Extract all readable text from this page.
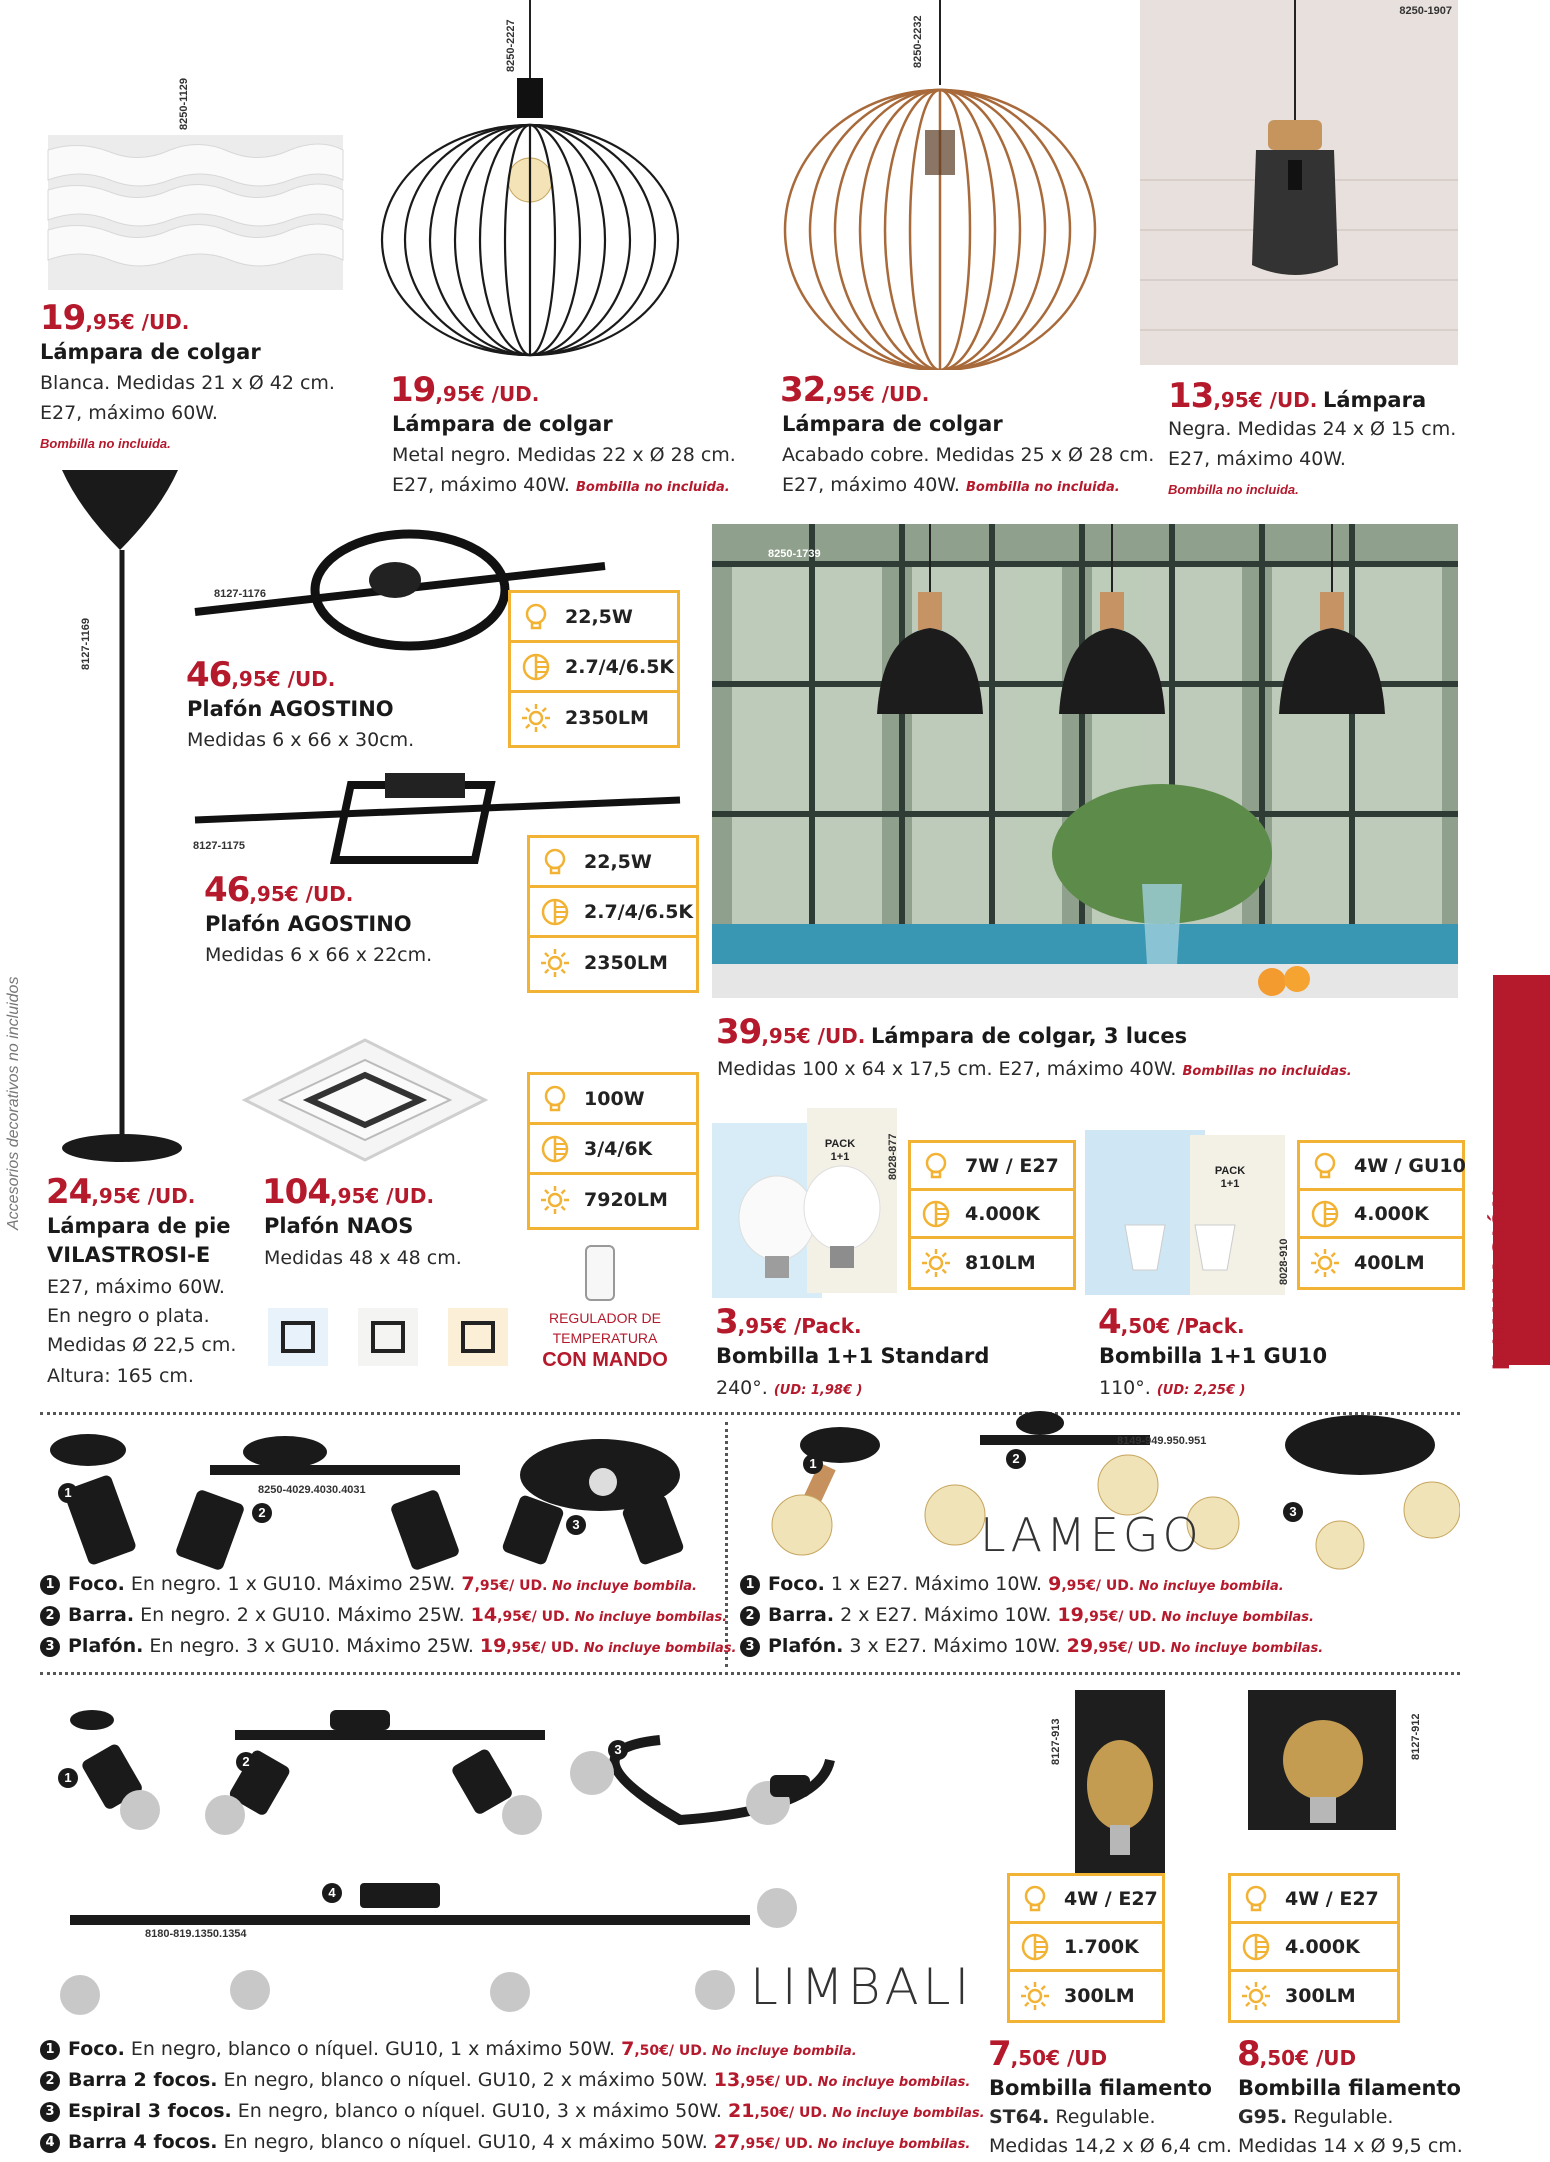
Accesorios decorativos no incluidos
ILUMINACIÓN
8250-1129
19,95€ /UD.
Lámpara de colgar
Blanca. Medidas 21 x Ø 42 cm.
E27, máximo 60W.
Bombilla no incluida.
8250-2227
19,95€ /UD.
Lámpara de colgar
Metal negro. Medidas 22 x Ø 28 cm.
E27, máximo 40W. Bombilla no incluida.
8250-2232
32,95€ /UD.
Lámpara de colgar
Acabado cobre. Medidas 25 x Ø 28 cm.
E27, máximo 40W. Bombilla no incluida.
8250-1907
13,95€ /UD. Lámpara
Negra. Medidas 24 x Ø 15 cm.
E27, máximo 40W.
Bombilla no incluida.
8127-1169
24,95€ /UD.
Lámpara de pie
VILASTROSI-E
E27, máximo 60W.
En negro o plata.
Medidas Ø 22,5 cm.
Altura: 165 cm.
8127-1176
46,95€ /UD.
Plafón AGOSTINO
Medidas 6 x 66 x 30cm.
22,5W
2.7/4/6.5K
2350LM
8127-1175
46,95€ /UD.
Plafón AGOSTINO
Medidas 6 x 66 x 22cm.
22,5W
2.7/4/6.5K
2350LM
104,95€ /UD.
Plafón NAOS
Medidas 48 x 48 cm.
100W
3/4/6K
7920LM
REGULADOR DE
TEMPERATURA
CON MANDO
8250-1739
39,95€ /UD. Lámpara de colgar, 3 luces
Medidas 100 x 64 x 17,5 cm. E27, máximo 40W. Bombillas no incluidas.
PACK 1+1	8028-877	7W / E27
4.000K
810LM
3,95€ /Pack.
Bombilla 1+1 Standard
240°. (UD: 1,98€ )
PACK 1+1
8028-910
4W / GU10
4.000K
400LM
4,50€ /Pack.
Bombilla 1+1 GU10
110°. (UD: 2,25€ )
1
2
3
8250-4029.4030.4031
1 Foco. En negro. 1 x GU10. Máximo 25W. 7,95€/ UD. No incluye bombila.
2 Barra. En negro. 2 x GU10. Máximo 25W. 14,95€/ UD. No incluye bombilas.
3 Plafón. En negro. 3 x GU10. Máximo 25W. 19,95€/ UD. No incluye bombilas.
1	2
3
8149-949.950.951
LAMEGO
1 Foco. 1 x E27. Máximo 10W. 9,95€/ UD. No incluye bombila.
2 Barra. 2 x E27. Máximo 10W. 19,95€/ UD. No incluye bombilas.
3 Plafón. 3 x E27. Máximo 10W. 29,95€/ UD. No incluye bombilas.
1
2
3
4
8180-819.1350.1354
LIMBALI
1 Foco. En negro, blanco o níquel. GU10, 1 x máximo 50W. 7,50€/ UD. No incluye bombila.
2 Barra 2 focos. En negro, blanco o níquel. GU10, 2 x máximo 50W. 13,95€/ UD. No incluye bombilas.
3 Espiral 3 focos. En negro, blanco o níquel. GU10, 3 x máximo 50W. 21,50€/ UD. No incluye bombilas.
4 Barra 4 focos. En negro, blanco o níquel. GU10, 4 x máximo 50W. 27,95€/ UD. No incluye bombilas.
8127-913
4W / E27
1.700K
300LM
7,50€ /UD
Bombilla filamento
ST64. Regulable.
Medidas 14,2 x Ø 6,4 cm.
8127-912
4W / E27
4.000K
300LM
8,50€ /UD
Bombilla filamento
G95. Regulable.
Medidas 14 x Ø 9,5 cm.
